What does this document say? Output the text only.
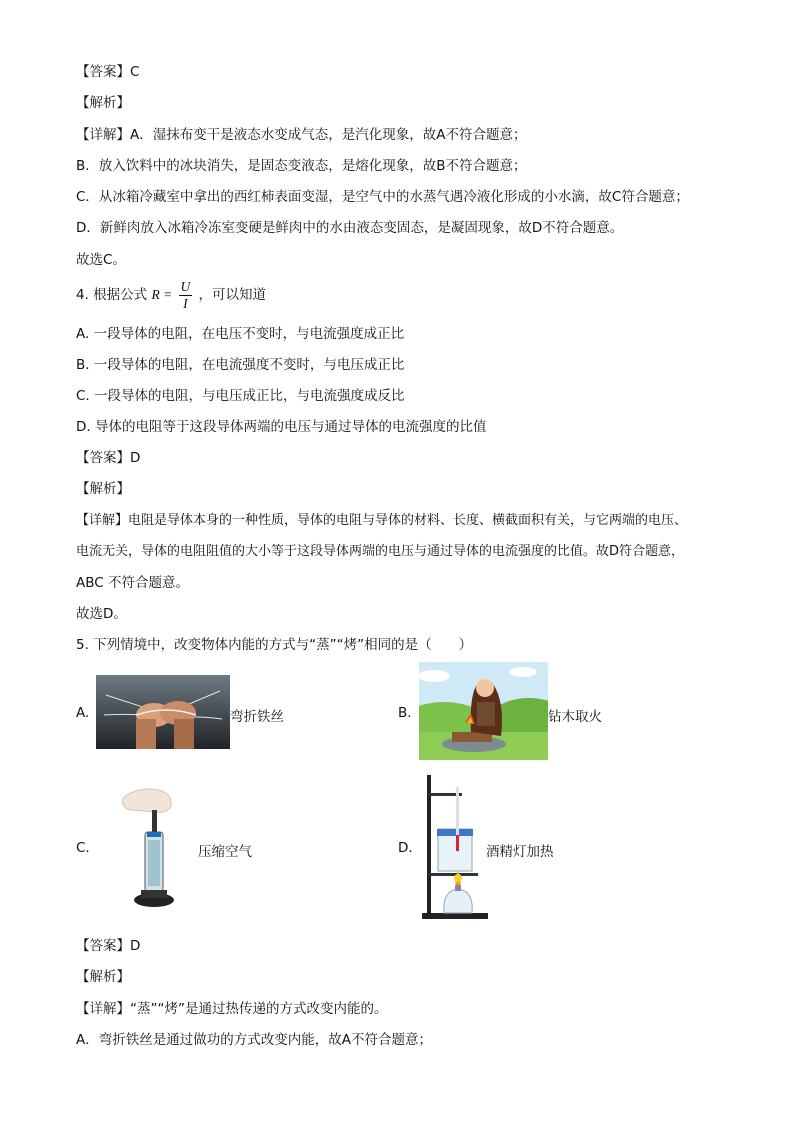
【答案】C
【解析】
【详解】A．湿抹布变干是液态水变成气态，是汽化现象，故A不符合题意；
B．放入饮料中的冰块消失，是固态变液态，是熔化现象，故B不符合题意；
C．从冰箱冷藏室中拿出的西红柿表面变湿，是空气中的水蒸气遇冷液化形成的小水滴，故C符合题意；
D．新鲜肉放入冰箱冷冻室变硬是鲜肉中的水由液态变固态，是凝固现象，故D不符合题意。
故选C。
4. 根据公式 $R = \frac{U}{I}$ ，可以知道
A. 一段导体的电阻，在电压不变时，与电流强度成正比
B. 一段导体的电阻，在电流强度不变时，与电压成正比
C. 一段导体的电阻，与电压成正比，与电流强度成反比
D. 导体的电阻等于这段导体两端的电压与通过导体的电流强度的比值
【答案】D
【解析】
【详解】电阻是导体本身的一种性质，导体的电阻与导体的材料、长度、横截面积有关，与它两端的电压、
电流无关，导体的电阻阻值的大小等于这段导体两端的电压与通过导体的电流强度的比值。故D符合题意，
ABC 不符合题意。
故选D。
5. 下列情境中，改变物体内能的方式与“蒸”“烤”相同的是（　　）
A.	弯折铁丝	B.	钻木取火
C.	压缩空气	D.	酒精灯加热
【答案】D
【解析】
【详解】“蒸”“烤”是通过热传递的方式改变内能的。
A．弯折铁丝是通过做功的方式改变内能，故A不符合题意；
